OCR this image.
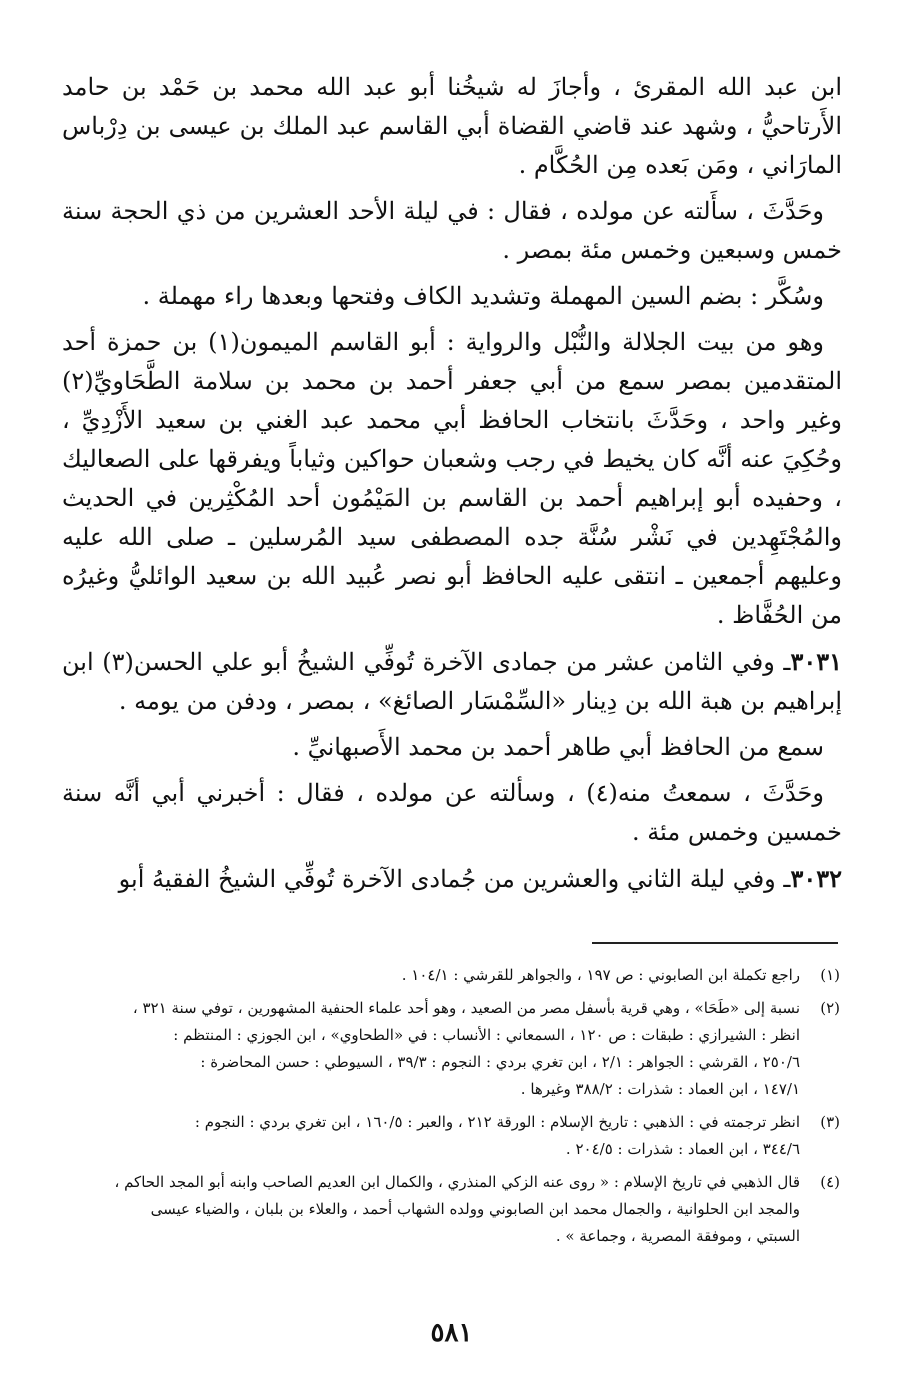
ابن عبد الله المقرئ ، وأجازَ له شيخُنا أبو عبد الله محمد بن حَمْد بن حامد الأَرتاحيُّ ، وشهد عند قاضي القضاة أبي القاسم عبد الملك بن عيسى بن دِرْباس المارَاني ، ومَن بَعده مِن الحُكَّام .

وحَدَّثَ ، سأَلته عن مولده ، فقال : في ليلة الأحد العشرين من ذي الحجة سنة خمس وسبعين وخمس مئة بمصر .

وسُكَّر : بضم السين المهملة وتشديد الكاف وفتحها وبعدها راء مهملة .

وهو من بيت الجلالة والنُّبْل والرواية : أبو القاسم الميمون(١) بن حمزة أحد المتقدمين بمصر سمع من أبي جعفر أحمد بن محمد بن سلامة الطَّحَاويِّ(٢) وغير واحد ، وحَدَّثَ بانتخاب الحافظ أبي محمد عبد الغني بن سعيد الأَزْدِيِّ ، وحُكِيَ عنه أنَّه كان يخيط في رجب وشعبان حواكين وثياباً ويفرقها على الصعاليك ، وحفيده أبو إبراهيم أحمد بن القاسم بن المَيْمُون أحد المُكْثِرين في الحديث والمُجْتَهِدين في نَشْر سُنَّة جده المصطفى سيد المُرسلين ـ صلى الله عليه وعليهم أجمعين ـ انتقى عليه الحافظ أبو نصر عُبيد الله بن سعيد الوائليُّ وغيرُه من الحُفَّاظ .

٣٠٣١ـ وفي الثامن عشر من جمادى الآخرة تُوفِّي الشيخُ أبو علي الحسن(٣) ابن إبراهيم بن هبة الله بن دِينار «السِّمْسَار الصائغ» ، بمصر ، ودفن من يومه .

سمع من الحافظ أبي طاهر أحمد بن محمد الأَصبهانيِّ .

وحَدَّثَ ، سمعتُ منه(٤) ، وسألته عن مولده ، فقال : أخبرني أبي أنَّه سنة خمسين وخمس مئة .

٣٠٣٢ـ وفي ليلة الثاني والعشرين من جُمادى الآخرة تُوفِّي الشيخُ الفقيهُ أبو

(١)

راجع تكملة ابن الصابوني : ص ١٩٧ ، والجواهر للقرشي : ١٠٤/١ .

(٢)

نسبة إلى «طَحَا» ، وهي قرية بأسفل مصر من الصعيد ، وهو أحد علماء الحنفية المشهورين ، توفي سنة ٣٢١ ،

انظر : الشيرازي : طبقات : ص ١٢٠ ، السمعاني : الأنساب : في «الطحاوي» ، ابن الجوزي : المنتظم :

٢٥٠/٦ ، القرشي : الجواهر : ٢/١ ، ابن تغري بردي : النجوم : ٣٩/٣ ، السيوطي : حسن المحاضرة :

١٤٧/١ ، ابن العماد : شذرات : ٣٨٨/٢ وغيرها .

(٣)

انظر ترجمته في : الذهبي : تاريخ الإسلام : الورقة ٢١٢ ، والعبر : ١٦٠/٥ ، ابن تغري بردي : النجوم :

٣٤٤/٦ ، ابن العماد : شذرات : ٢٠٤/٥ .

(٤)

قال الذهبي في تاريخ الإسلام : « روى عنه الزكي المنذري ، والكمال ابن العديم الصاحب وابنه أبو المجد الحاكم ،

والمجد ابن الحلوانية ، والجمال محمد ابن الصابوني وولده الشهاب أحمد ، والعلاء بن بلبان ، والضياء عيسى

السبتي ، وموفقة المصرية ، وجماعة » .

٥٨١
